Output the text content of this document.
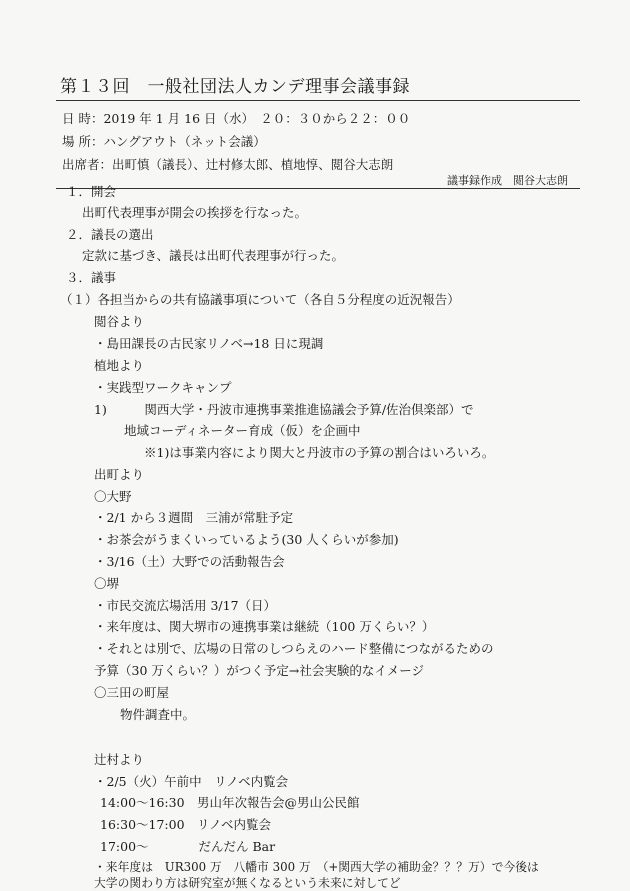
第１３回　一般社団法人カンデ理事会議事録
日 時：2019 年 1 月 16 日（水）　２０：３０から２２：００
場 所：ハングアウト（ネット会議）
出席者：出町慎（議長）、辻村修太郎、植地惇、閲谷大志朗
議事録作成　閲谷大志朗
１．開会
出町代表理事が開会の挨拶を行なった。
２．議長の選出
定款に基づき、議長は出町代表理事が行った。
３．議事
（１）各担当からの共有協議事項について（各自５分程度の近況報告）
閲谷より
・島田課長の古民家リノベ→18 日に現調
植地より
・実践型ワークキャンプ
1)　　　関西大学・丹波市連携事業推進協議会予算/佐治倶楽部）で
地域コーディネーター育成（仮）を企画中
※1)は事業内容により関大と丹波市の予算の割合はいろいろ。
出町より
〇大野
・2/1 から３週間　三浦が常駐予定
・お茶会がうまくいっているよう(30 人くらいが参加)
・3/16（土）大野での活動報告会
〇堺
・市民交流広場活用 3/17（日）
・来年度は、関大堺市の連携事業は継続（100 万くらい？）
・それとは別で、広場の日常のしつらえのハード整備につながるための
予算（30 万くらい？）がつく予定→社会実験的なイメージ
〇三田の町屋
物件調査中。
辻村より
・2/5（火）午前中　リノベ内覧会
14:00～16:30　男山年次報告会@男山公民館
16:30～17:00　リノベ内覧会
17:00～　　　　だんだん Bar
・来年度は　UR300 万　八幡市 300 万　（+関西大学の補助金？？？万）で今後は
大学の関わり方は研究室が無くなるという未来に対してど
